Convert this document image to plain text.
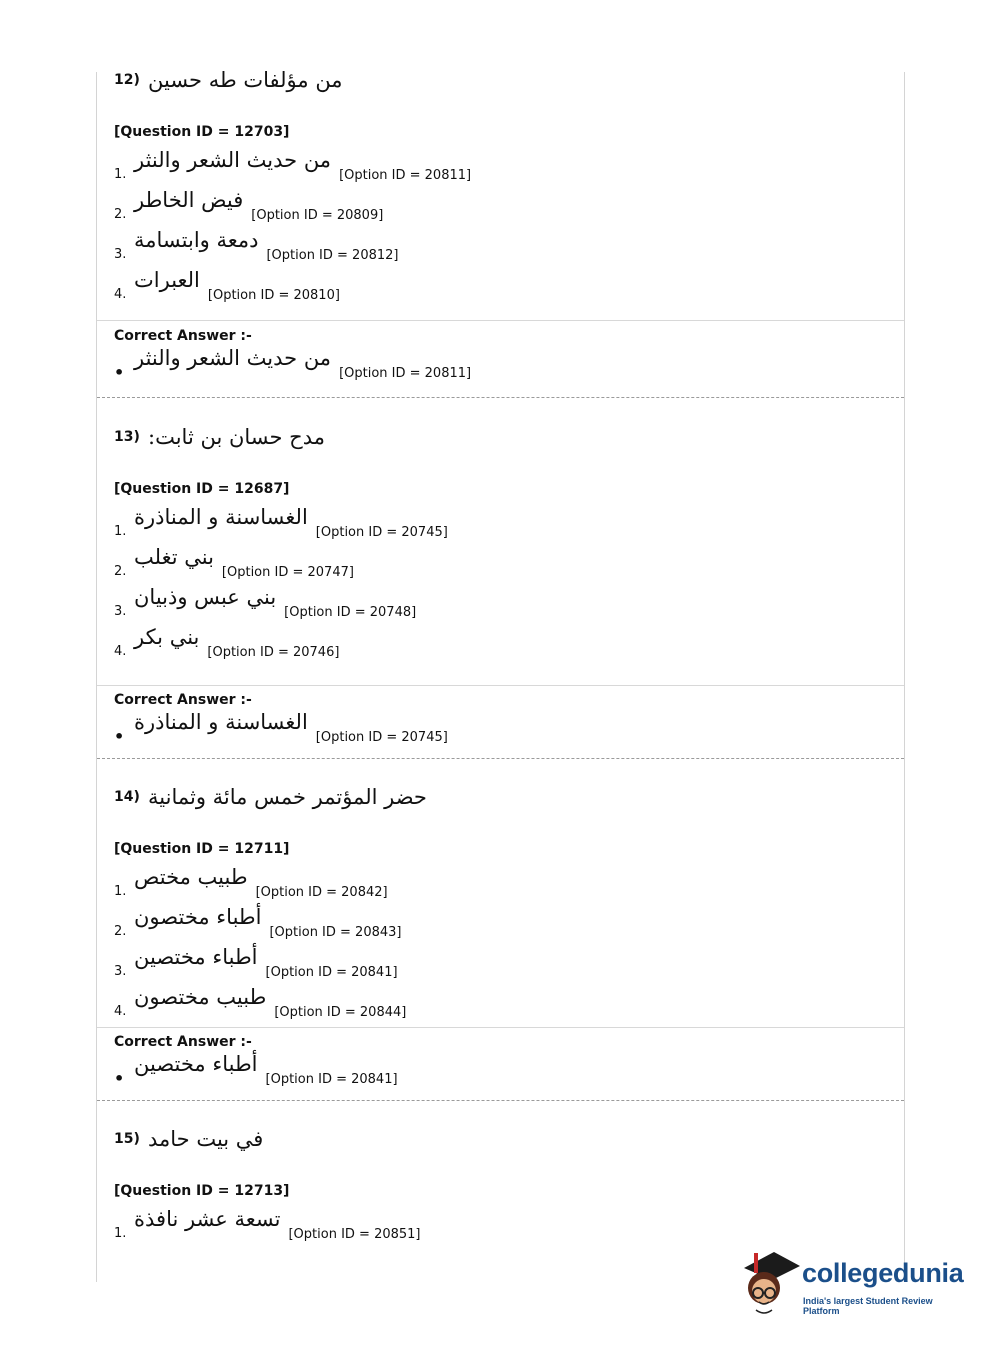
12) من مؤلفات طه حسين
[Question ID = 12703]
1.
من حديث الشعر والنثر
[Option ID = 20811]
2.
فيض الخاطر
[Option ID = 20809]
3.
دمعة وابتسامة
[Option ID = 20812]
4.
العبرات
[Option ID = 20810]
Correct Answer :-
•
من حديث الشعر والنثر
[Option ID = 20811]
13) مدح حسان بن ثابت:
[Question ID = 12687]
1.
الغساسنة و المناذرة
[Option ID = 20745]
2.
بني تغلب
[Option ID = 20747]
3.
بني عبس وذبيان
[Option ID = 20748]
4.
بني بكر
[Option ID = 20746]
Correct Answer :-
•
الغساسنة و المناذرة
[Option ID = 20745]
14) حضر المؤتمر خمس مائة وثمانية
[Question ID = 12711]
1.
طبيب مختص
[Option ID = 20842]
2.
أطباء مختصون
[Option ID = 20843]
3.
أطباء مختصين
[Option ID = 20841]
4.
طبيب مختصون
[Option ID = 20844]
Correct Answer :-
•
أطباء مختصين
[Option ID = 20841]
15) في بيت حامد
[Question ID = 12713]
1.
تسعة عشر نافذة
[Option ID = 20851]
collegedunia
India's largest Student Review Platform
